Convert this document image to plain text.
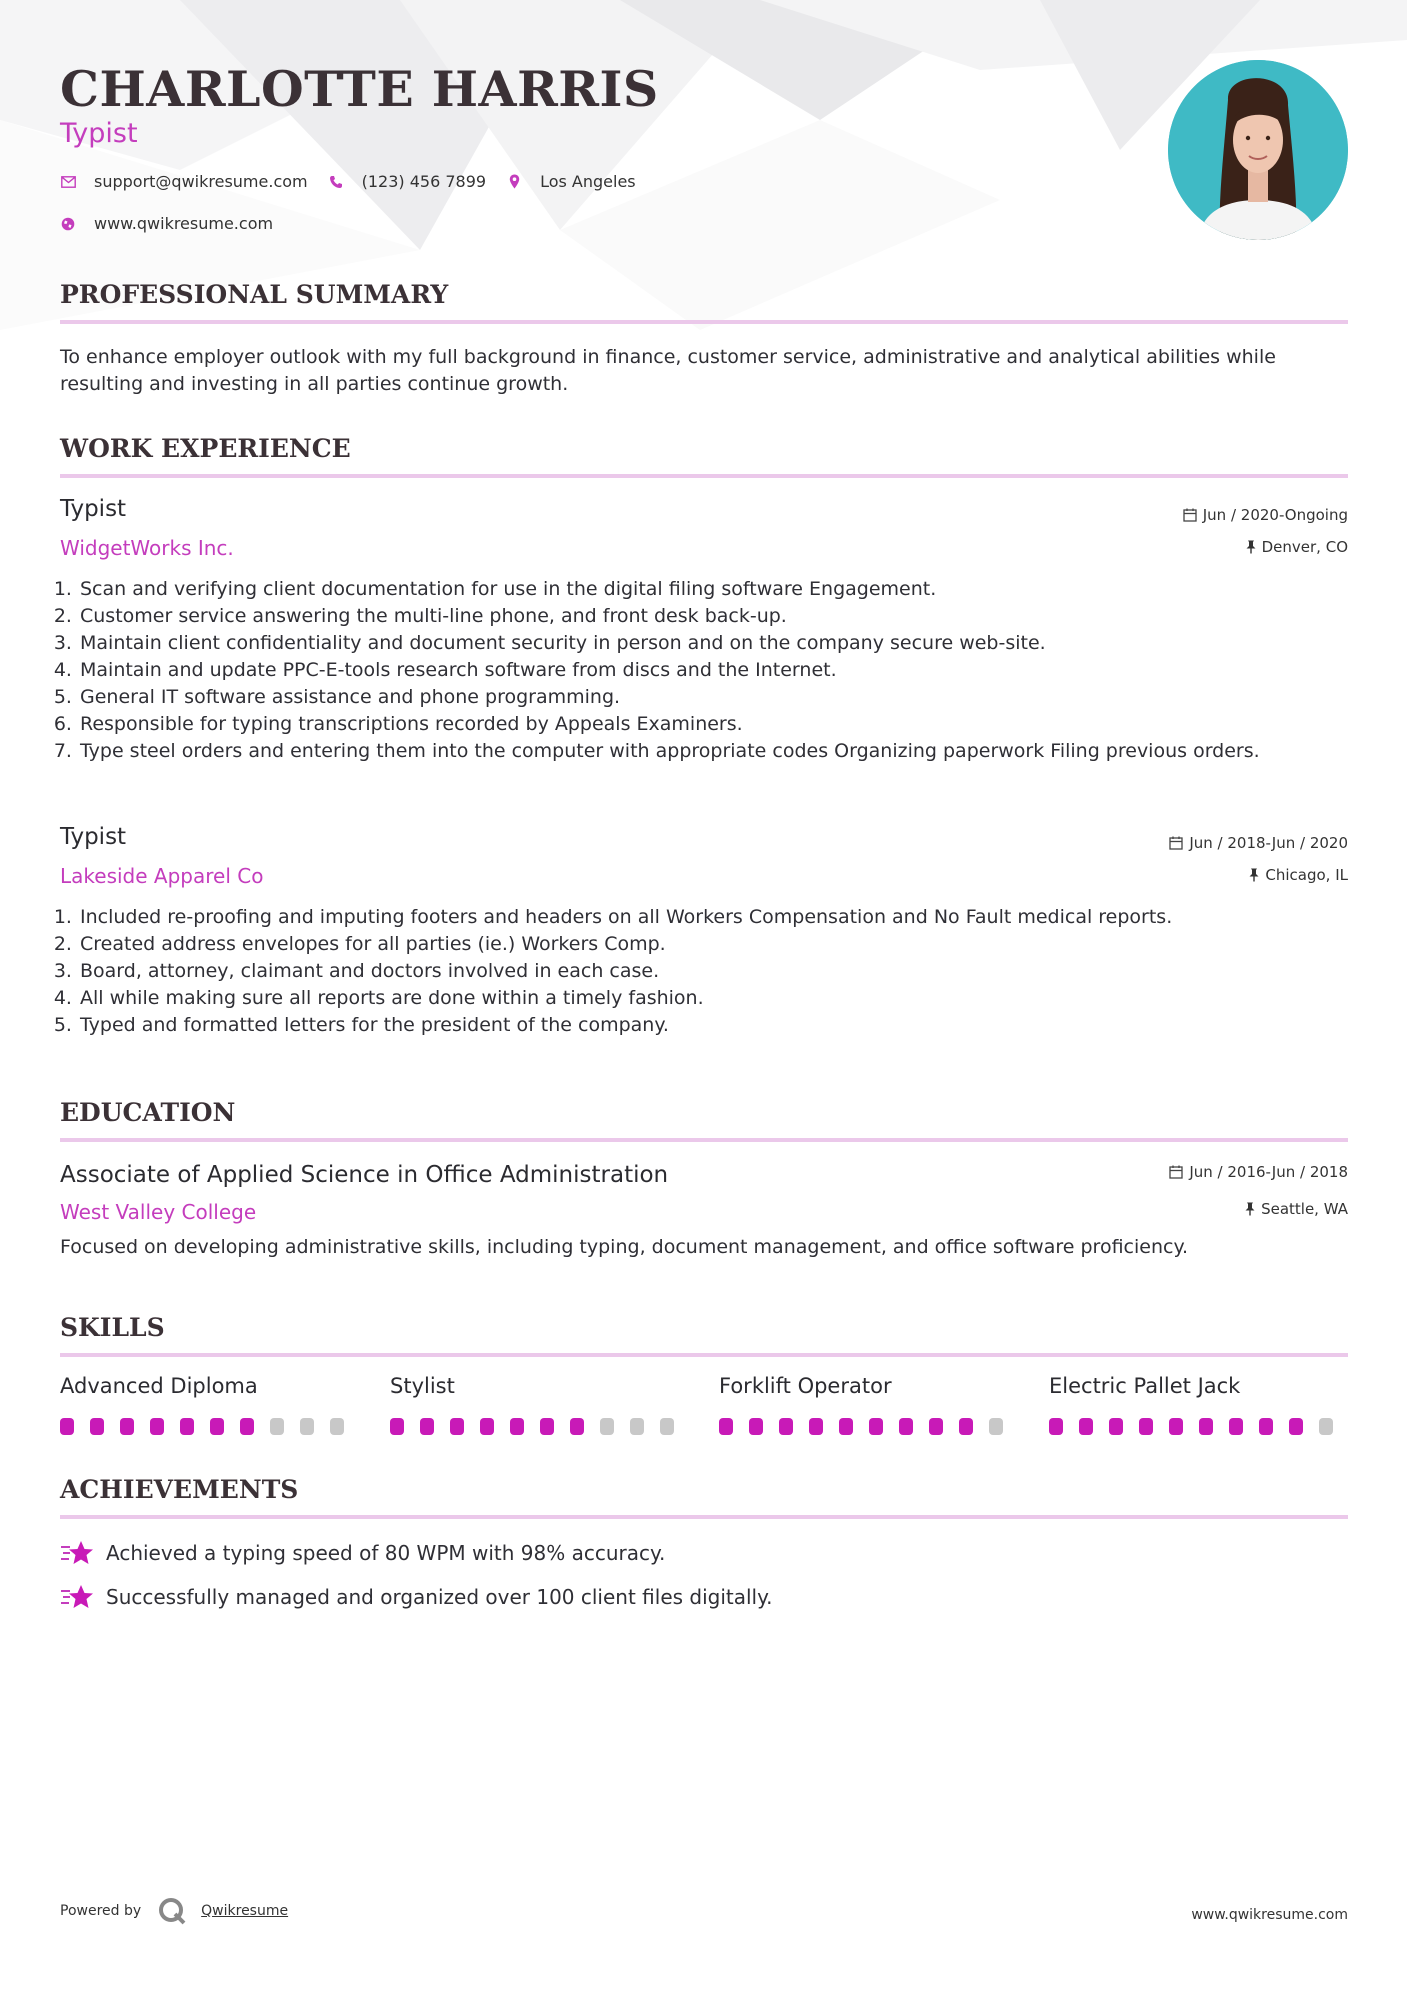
CHARLOTTE HARRIS
Typist
support@qwikresume.com	(123) 456 7899	Los Angeles
www.qwikresume.com
PROFESSIONAL SUMMARY

To enhance employer outlook with my full background in finance, customer service, administrative and analytical abilities while resulting and investing in all parties continue growth.

WORK EXPERIENCE
Typist	Jun / 2020-Ongoing
WidgetWorks Inc.	Denver, CO
1. Scan and verifying client documentation for use in the digital filing software Engagement.
2. Customer service answering the multi-line phone, and front desk back-up.
3. Maintain client confidentiality and document security in person and on the company secure web-site.
4. Maintain and update PPC-E-tools research software from discs and the Internet.
5. General IT software assistance and phone programming.
6. Responsible for typing transcriptions recorded by Appeals Examiners.
7. Type steel orders and entering them into the computer with appropriate codes Organizing paperwork Filing previous orders.
Typist	Jun / 2018-Jun / 2020
Lakeside Apparel Co	Chicago, IL
1. Included re-proofing and imputing footers and headers on all Workers Compensation and No Fault medical reports.
2. Created address envelopes for all parties (ie.) Workers Comp.
3. Board, attorney, claimant and doctors involved in each case.
4. All while making sure all reports are done within a timely fashion.
5. Typed and formatted letters for the president of the company.
EDUCATION
Associate of Applied Science in Office Administration	Jun / 2016-Jun / 2018
West Valley College	Seattle, WA

Focused on developing administrative skills, including typing, document management, and office software proficiency.

SKILLS
Advanced Diploma	Stylist	Forklift Operator	Electric Pallet Jack
ACHIEVEMENTS
Achieved a typing speed of 80 WPM with 98% accuracy.
Successfully managed and organized over 100 client files digitally.
Powered by	Qwikresume	www.qwikresume.com
